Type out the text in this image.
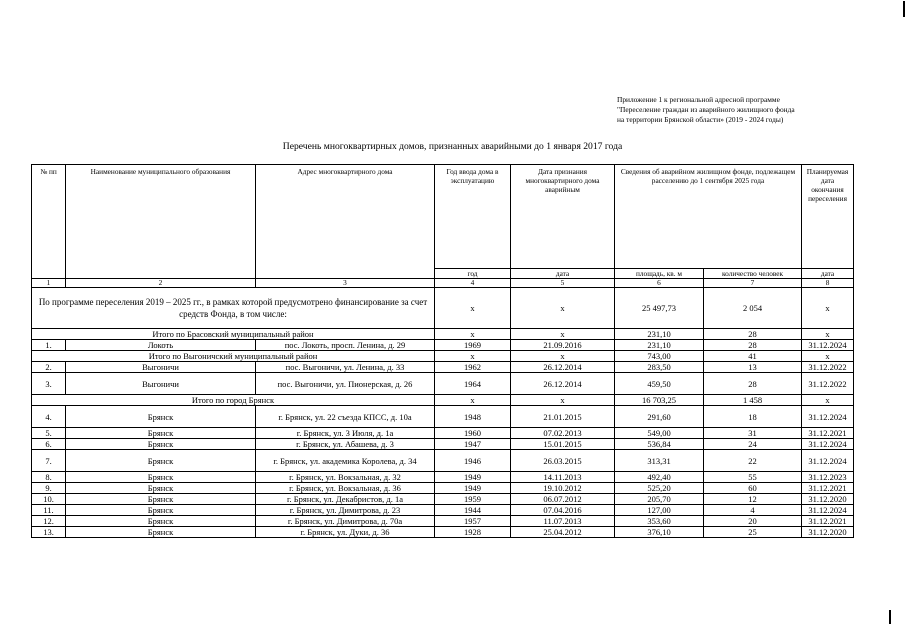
Приложение 1 к региональной адресной программе
"Переселение граждан из аварийного жилищного фонда
на территории Брянской области» (2019 - 2024 годы)
Перечень многоквартирных домов, признанных аварийными до 1 января 2017 года
№ пп	Наименование муниципального образования	Адрес многоквартирного дома	Год ввода дома в эксплуатацию	Дата признания многоквартирного дома аварийным	Сведения об аварийном жилищном фонде, подлежащем расселению до 1 сентября 2025 года		Планируемая дата окончания переселения
			год	дата	площадь, кв. м	количество человек	дата
1	2	3	4	5	6	7	8
По программе переселения 2019 – 2025 гг., в рамках которой предусмотрено финансирование за счет средств Фонда, в том числе:			х	х	25 497,73	2 054	х
Итого по Брасовский муниципальный район			х	х	231,10	28	х
1.	Локоть	пос. Локоть, просп. Ленина, д. 29	1969	21.09.2016	231,10	28	31.12.2024
Итого по Выгоничский муниципальный район			х	х	743,00	41	х
2.	Выгоничи	пос. Выгоничи, ул. Ленина, д. 33	1962	26.12.2014	283,50	13	31.12.2022
3.	Выгоничи	пос. Выгоничи, ул. Пионерская, д. 26	1964	26.12.2014	459,50	28	31.12.2022
Итого по город Брянск			х	х	16 703,25	1 458	х
4.	Брянск	г. Брянск, ул. 22 съезда КПСС, д. 10а	1948	21.01.2015	291,60	18	31.12.2024
5.	Брянск	г. Брянск, ул. 3 Июля, д. 1а	1960	07.02.2013	549,00	31	31.12.2021
6.	Брянск	г. Брянск, ул. Абашева, д. 3	1947	15.01.2015	536,84	24	31.12.2024
7.	Брянск	г. Брянск, ул. академика Королева, д. 34	1946	26.03.2015	313,31	22	31.12.2024
8.	Брянск	г. Брянск, ул. Вокзальная, д. 32	1949	14.11.2013	492,40	55	31.12.2023
9.	Брянск	г. Брянск, ул. Вокзальная, д. 36	1949	19.10.2012	525,20	60	31.12.2021
10.	Брянск	г. Брянск, ул. Декабристов, д. 1а	1959	06.07.2012	205,70	12	31.12.2020
11.	Брянск	г. Брянск, ул. Димитрова, д. 23	1944	07.04.2016	127,00	4	31.12.2024
12.	Брянск	г. Брянск, ул. Димитрова, д. 70а	1957	11.07.2013	353,60	20	31.12.2021
13.	Брянск	г. Брянск, ул. Дуки, д. 36	1928	25.04.2012	376,10	25	31.12.2020
